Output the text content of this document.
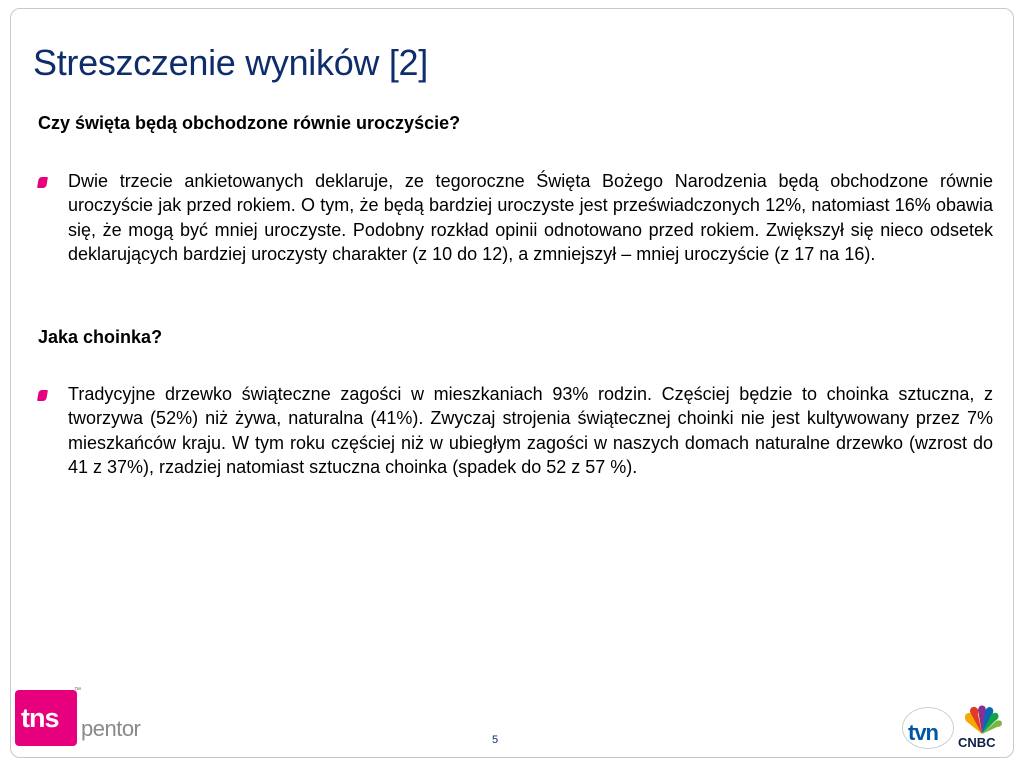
Streszczenie wyników [2]

Czy święta będą obchodzone równie uroczyście?

Dwie trzecie ankietowanych deklaruje, ze tegoroczne Święta Bożego Narodzenia będą obchodzone równie uroczyście jak przed rokiem. O tym, że będą bardziej uroczyste jest przeświadczonych 12%, natomiast 16% obawia się, że mogą być mniej uroczyste. Podobny rozkład opinii odnotowano przed rokiem. Zwiększył się nieco odsetek deklarujących bardziej uroczysty charakter (z 10 do 12), a zmniejszył – mniej uroczyście (z 17 na 16).

Jaka choinka?

Tradycyjne drzewko świąteczne zagości w mieszkaniach 93% rodzin. Częściej będzie to choinka sztuczna, z tworzywa (52%) niż żywa, naturalna (41%). Zwyczaj strojenia świątecznej choinki nie jest kultywowany przez 7% mieszkańców kraju. W tym roku częściej niż w ubiegłym zagości w naszych domach naturalne drzewko (wzrost do 41 z 37%), rzadziej natomiast sztuczna choinka (spadek do 52 z 57 %).
tns
™
pentor	5	tvn CNBC
